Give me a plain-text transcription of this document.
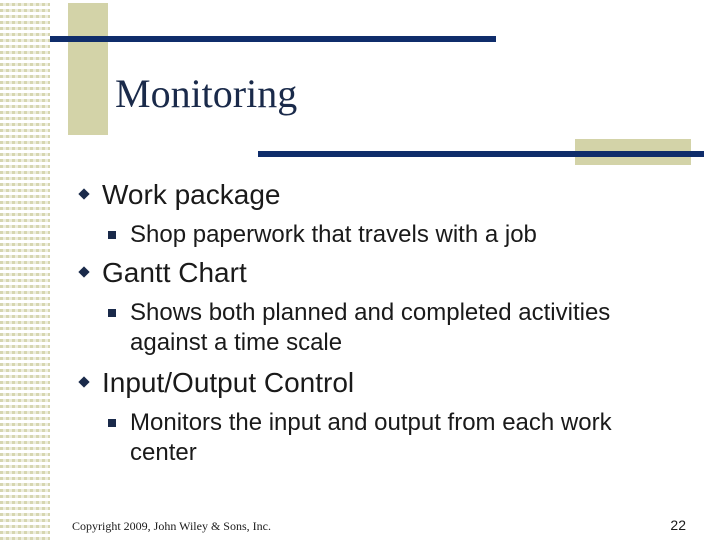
Monitoring
Work package
Shop paperwork that travels with a job
Gantt Chart
Shows both planned and completed activities against a time scale
Input/Output Control
Monitors the input and output from each work center
Copyright 2009, John Wiley & Sons, Inc.	22
